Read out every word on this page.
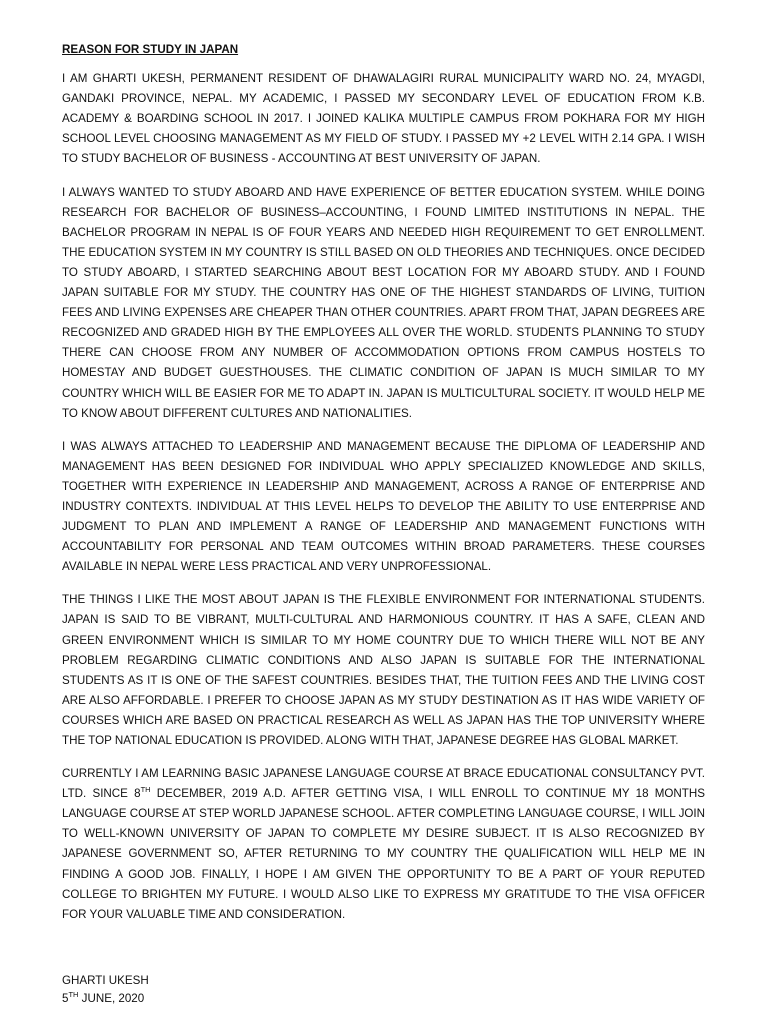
REASON FOR STUDY IN JAPAN

I AM GHARTI UKESH, PERMANENT RESIDENT OF DHAWALAGIRI RURAL MUNICIPALITY WARD NO. 24, MYAGDI, GANDAKI PROVINCE, NEPAL. MY ACADEMIC, I PASSED MY SECONDARY LEVEL OF EDUCATION FROM K.B. ACADEMY & BOARDING SCHOOL IN 2017. I JOINED KALIKA MULTIPLE CAMPUS FROM POKHARA FOR MY HIGH SCHOOL LEVEL CHOOSING MANAGEMENT AS MY FIELD OF STUDY. I PASSED MY +2 LEVEL WITH 2.14 GPA. I WISH TO STUDY BACHELOR OF BUSINESS - ACCOUNTING AT BEST UNIVERSITY OF JAPAN.

I ALWAYS WANTED TO STUDY ABOARD AND HAVE EXPERIENCE OF BETTER EDUCATION SYSTEM. WHILE DOING RESEARCH FOR BACHELOR OF BUSINESS–ACCOUNTING, I FOUND LIMITED INSTITUTIONS IN NEPAL. THE BACHELOR PROGRAM IN NEPAL IS OF FOUR YEARS AND NEEDED HIGH REQUIREMENT TO GET ENROLLMENT. THE EDUCATION SYSTEM IN MY COUNTRY IS STILL BASED ON OLD THEORIES AND TECHNIQUES. ONCE DECIDED TO STUDY ABOARD, I STARTED SEARCHING ABOUT BEST LOCATION FOR MY ABOARD STUDY. AND I FOUND JAPAN SUITABLE FOR MY STUDY. THE COUNTRY HAS ONE OF THE HIGHEST STANDARDS OF LIVING, TUITION FEES AND LIVING EXPENSES ARE CHEAPER THAN OTHER COUNTRIES. APART FROM THAT, JAPAN DEGREES ARE RECOGNIZED AND GRADED HIGH BY THE EMPLOYEES ALL OVER THE WORLD. STUDENTS PLANNING TO STUDY THERE CAN CHOOSE FROM ANY NUMBER OF ACCOMMODATION OPTIONS FROM CAMPUS HOSTELS TO HOMESTAY AND BUDGET GUESTHOUSES. THE CLIMATIC CONDITION OF JAPAN IS MUCH SIMILAR TO MY COUNTRY WHICH WILL BE EASIER FOR ME TO ADAPT IN. JAPAN IS MULTICULTURAL SOCIETY. IT WOULD HELP ME TO KNOW ABOUT DIFFERENT CULTURES AND NATIONALITIES.

I WAS ALWAYS ATTACHED TO LEADERSHIP AND MANAGEMENT BECAUSE THE DIPLOMA OF LEADERSHIP AND MANAGEMENT HAS BEEN DESIGNED FOR INDIVIDUAL WHO APPLY SPECIALIZED KNOWLEDGE AND SKILLS, TOGETHER WITH EXPERIENCE IN LEADERSHIP AND MANAGEMENT, ACROSS A RANGE OF ENTERPRISE AND INDUSTRY CONTEXTS. INDIVIDUAL AT THIS LEVEL HELPS TO DEVELOP THE ABILITY TO USE ENTERPRISE AND JUDGMENT TO PLAN AND IMPLEMENT A RANGE OF LEADERSHIP AND MANAGEMENT FUNCTIONS WITH ACCOUNTABILITY FOR PERSONAL AND TEAM OUTCOMES WITHIN BROAD PARAMETERS. THESE COURSES AVAILABLE IN NEPAL WERE LESS PRACTICAL AND VERY UNPROFESSIONAL.

THE THINGS I LIKE THE MOST ABOUT JAPAN IS THE FLEXIBLE ENVIRONMENT FOR INTERNATIONAL STUDENTS. JAPAN IS SAID TO BE VIBRANT, MULTI-CULTURAL AND HARMONIOUS COUNTRY. IT HAS A SAFE, CLEAN AND GREEN ENVIRONMENT WHICH IS SIMILAR TO MY HOME COUNTRY DUE TO WHICH THERE WILL NOT BE ANY PROBLEM REGARDING CLIMATIC CONDITIONS AND ALSO JAPAN IS SUITABLE FOR THE INTERNATIONAL STUDENTS AS IT IS ONE OF THE SAFEST COUNTRIES. BESIDES THAT, THE TUITION FEES AND THE LIVING COST ARE ALSO AFFORDABLE. I PREFER TO CHOOSE JAPAN AS MY STUDY DESTINATION AS IT HAS WIDE VARIETY OF COURSES WHICH ARE BASED ON PRACTICAL RESEARCH AS WELL AS JAPAN HAS THE TOP UNIVERSITY WHERE THE TOP NATIONAL EDUCATION IS PROVIDED. ALONG WITH THAT, JAPANESE DEGREE HAS GLOBAL MARKET.

CURRENTLY I AM LEARNING BASIC JAPANESE LANGUAGE COURSE AT BRACE EDUCATIONAL CONSULTANCY PVT. LTD. SINCE 8TH DECEMBER, 2019 A.D. AFTER GETTING VISA, I WILL ENROLL TO CONTINUE MY 18 MONTHS LANGUAGE COURSE AT STEP WORLD JAPANESE SCHOOL. AFTER COMPLETING LANGUAGE COURSE, I WILL JOIN TO WELL-KNOWN UNIVERSITY OF JAPAN TO COMPLETE MY DESIRE SUBJECT. IT IS ALSO RECOGNIZED BY JAPANESE GOVERNMENT SO, AFTER RETURNING TO MY COUNTRY THE QUALIFICATION WILL HELP ME IN FINDING A GOOD JOB. FINALLY, I HOPE I AM GIVEN THE OPPORTUNITY TO BE A PART OF YOUR REPUTED COLLEGE TO BRIGHTEN MY FUTURE. I WOULD ALSO LIKE TO EXPRESS MY GRATITUDE TO THE VISA OFFICER FOR YOUR VALUABLE TIME AND CONSIDERATION.

GHARTI UKESH
5TH JUNE, 2020
